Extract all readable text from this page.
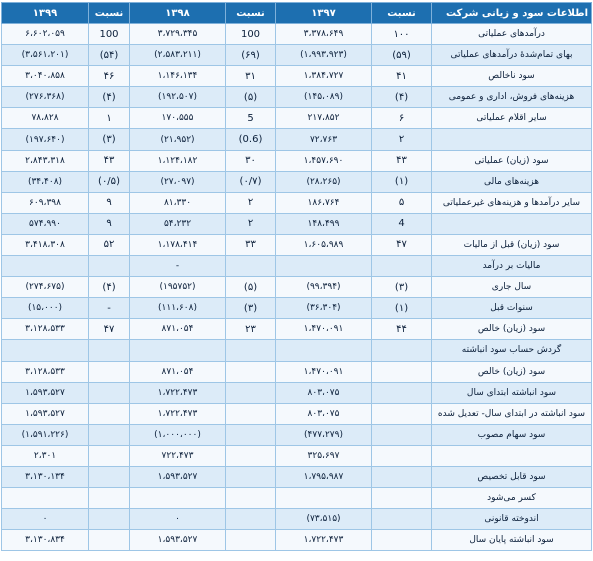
اطلاعات سود و زیانی شرکت	نسبت	۱۳۹۷	نسبت	۱۳۹۸	نسبت	۱۳۹۹
درآمدهای عملیاتی	۱۰۰	۳،۳۷۸،۶۴۹	100	۳،۷۲۹،۳۴۵	100	۶،۶۰۲،۰۵۹
بهای تمام‌شدهٔ درآمدهای عملیاتی	(۵۹)	(۱،۹۹۳،۹۲۳)	(۶۹)	(۲،۵۸۳،۲۱۱)	(۵۴)	(۳،۵۶۱،۲۰۱)
سود ناخالص	۴۱	۱،۳۸۴،۷۲۷	۳۱	۱،۱۴۶،۱۳۴	۴۶	۳،۰۴۰،۸۵۸
هزینه‌های فروش، اداری و عمومی	(۴)	(۱۴۵،۰۸۹)	(۵)	(۱۹۲،۵۰۷)	(۴)	(۲۷۶،۳۶۸)
سایر اقلام عملیاتی	۶	۲۱۷،۸۵۲	5	۱۷۰،۵۵۵	۱	۷۸،۸۲۸
	۲	۷۲،۷۶۳	(0.6)	(۲۱،۹۵۲)	(۳)	(۱۹۷،۶۴۰)
سود (زیان) عملیاتی	۴۳	۱،۴۵۷،۶۹۰	۳۰	۱،۱۲۴،۱۸۲	۴۳	۲،۸۴۳،۳۱۸
هزینه‌های مالی	(۱)	(۲۸،۲۶۵)	(۰/۷)	(۲۷،۰۹۷)	(۰/۵)	(۳۴،۴۰۸)
سایر درآمدها و هزینه‌های غیرعملیاتی	۵	۱۸۶،۷۶۴	۲	۸۱،۳۳۰	۹	۶۰۹،۳۹۸
	4	۱۴۸،۴۹۹	۲	۵۴،۲۳۲	۹	۵۷۴،۹۹۰
سود (زیان) قبل از مالیات	۴۷	۱،۶۰۵،۹۸۹	۳۳	۱،۱۷۸،۴۱۴	۵۲	۳،۴۱۸،۳۰۸
مالیات بر درآمد				-		
سال جاری	(۳)	(۹۹،۳۹۴)	(۵)	(۱۹۵۷۵۲)	(۴)	(۲۷۴،۶۷۵)
سنوات قبل	(۱)	(۳۶،۳۰۴)	(۳)	(۱۱۱،۶۰۸)	-	(۱۵،۰۰۰)
سود (زیان) خالص	۴۴	۱،۴۷۰،۰۹۱	۲۳	۸۷۱،۰۵۴	۴۷	۳،۱۲۸،۵۳۳
گردش حساب سود انباشته						
سود (زیان) خالص		۱،۴۷۰،۰۹۱		۸۷۱،۰۵۴		۳،۱۲۸،۵۳۳
سود انباشته ابتدای سال		۸۰۳،۰۷۵		۱،۷۲۲،۴۷۳		۱،۵۹۳،۵۲۷
سود انباشته در ابتدای سال- تعدیل شده		۸۰۳،۰۷۵		۱،۷۲۲،۴۷۳		۱،۵۹۳،۵۲۷
سود سهام مصوب		(۴۷۷،۲۷۹)		(۱،۰۰۰،۰۰۰)		(۱،۵۹۱،۲۲۶)
		۳۲۵،۶۹۷		۷۲۲،۴۷۳		۲،۳۰۱
سود قابل تخصیص		۱،۷۹۵،۹۸۷		۱،۵۹۳،۵۲۷		۳،۱۳۰،۱۳۴
کسر می‌شود						
اندوخته قانونی		(۷۳،۵۱۵)		۰		۰
سود انباشته پایان سال		۱،۷۲۲،۴۷۳		۱،۵۹۳،۵۲۷		۳،۱۳۰،۸۳۴
